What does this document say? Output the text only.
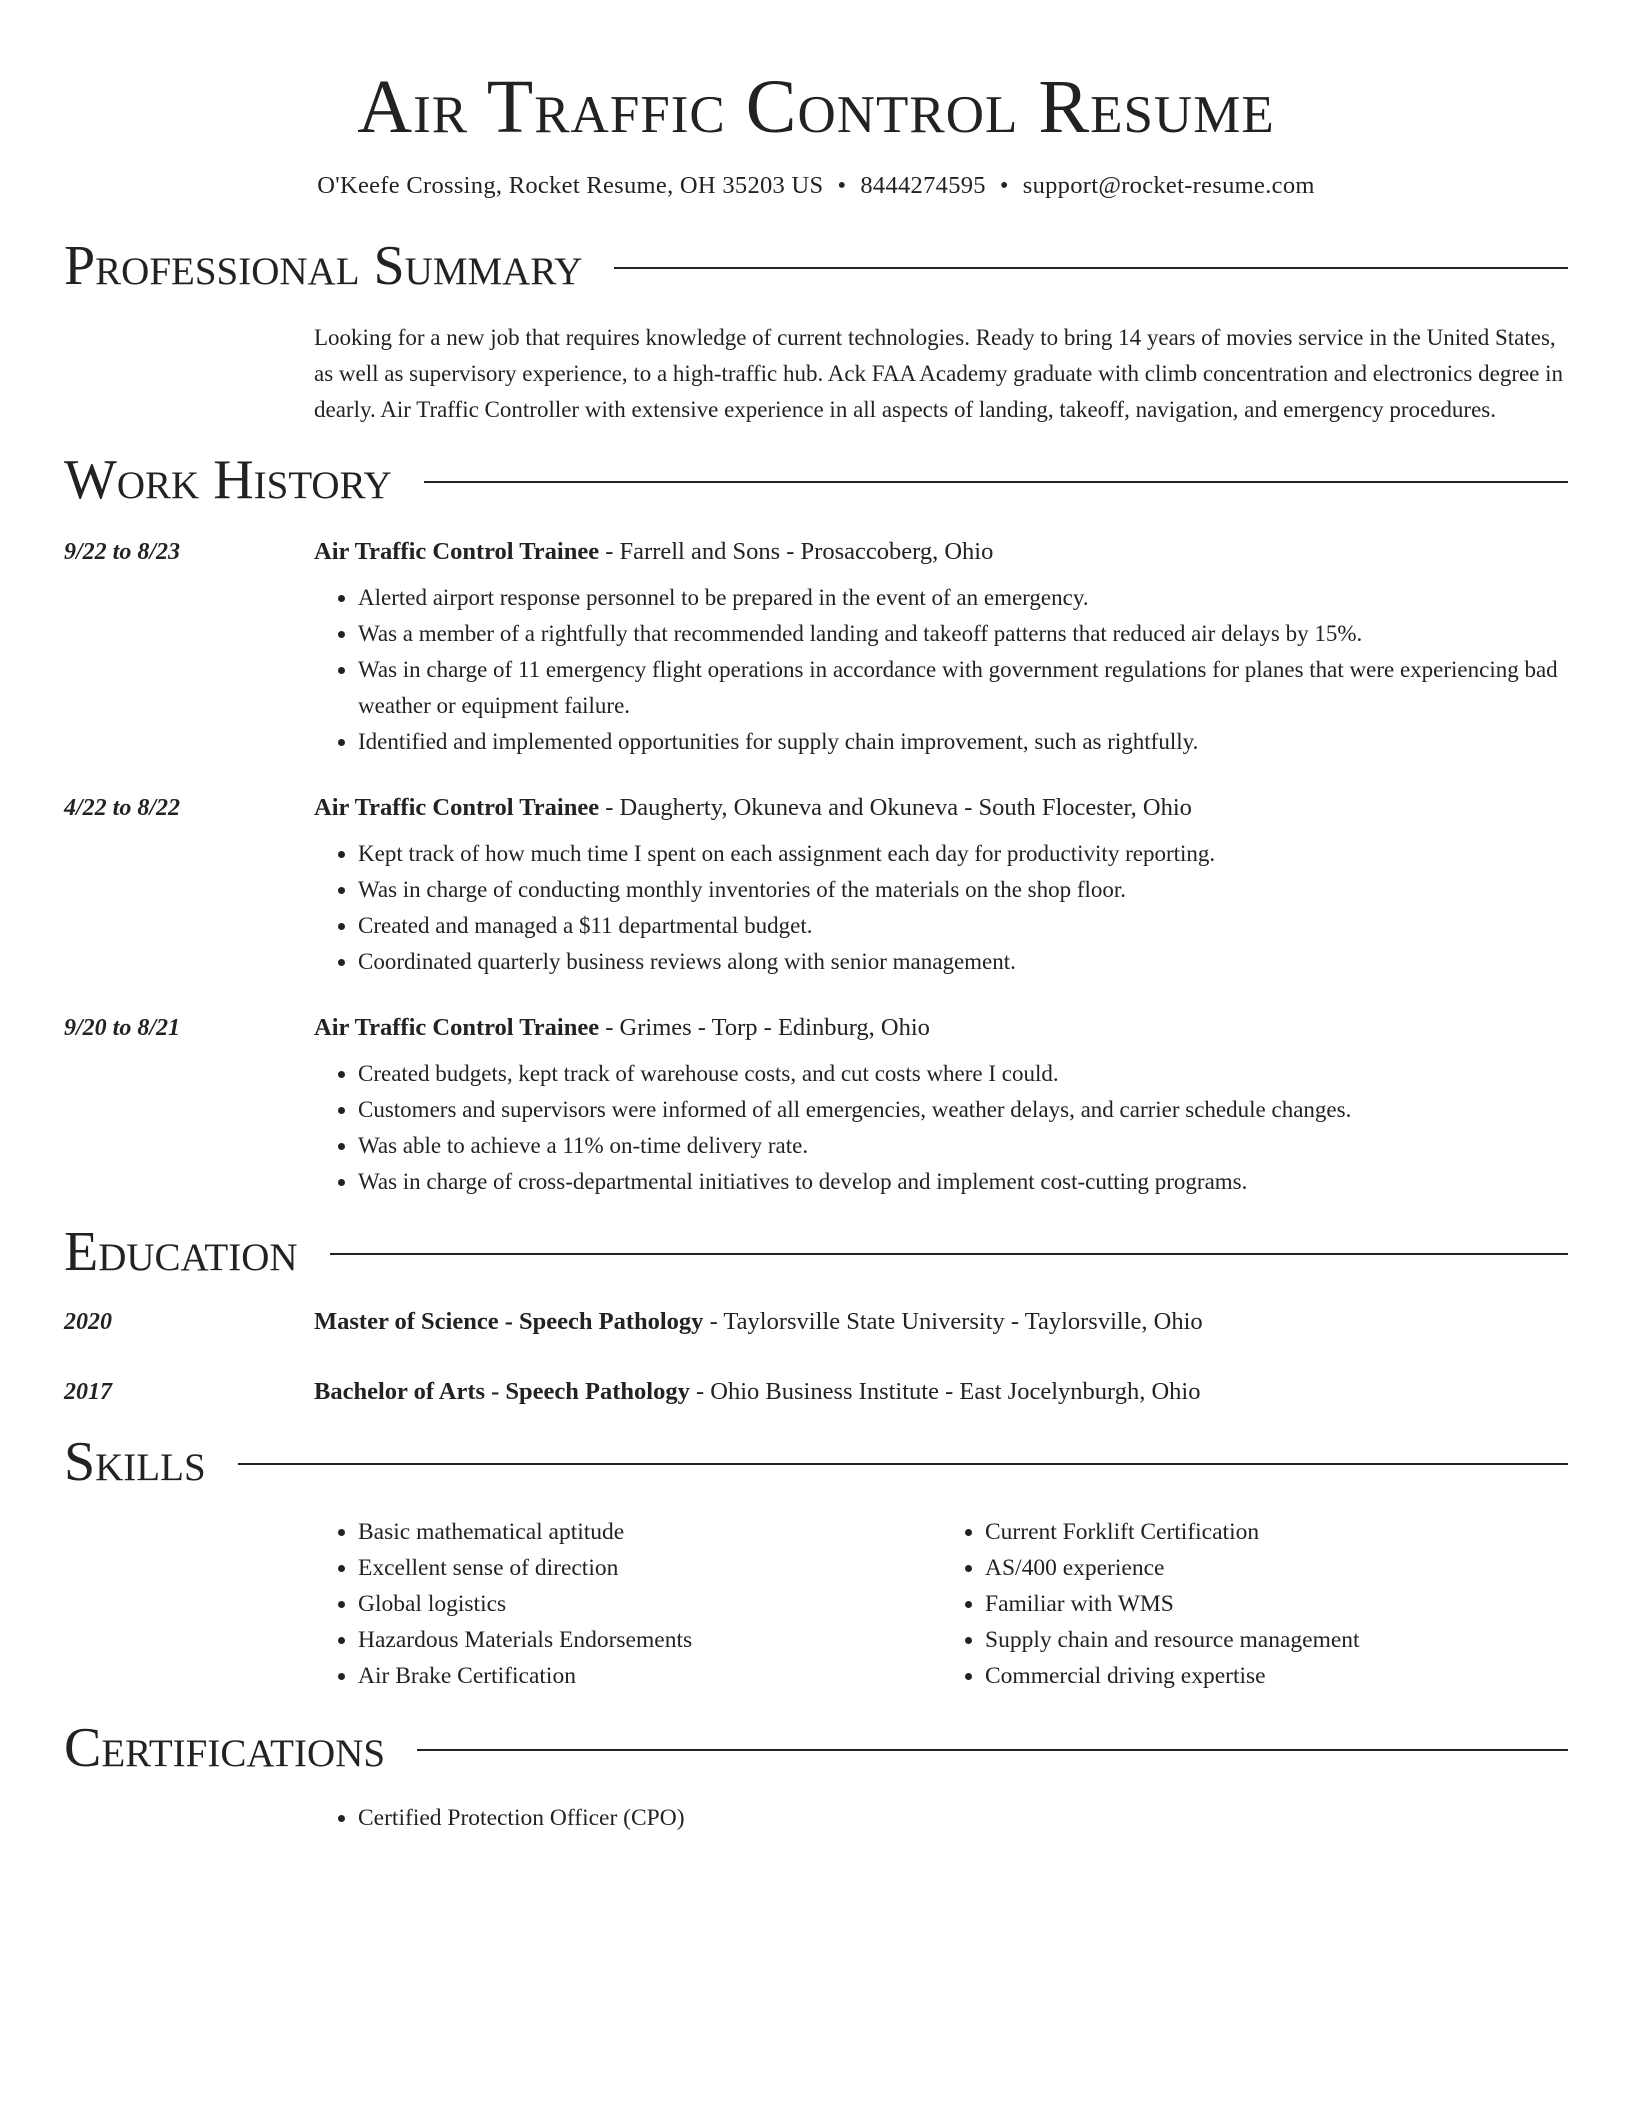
Air Traffic Control Resume
O'Keefe Crossing, Rocket Resume, OH 35203 US • 8444274595 • support@rocket-resume.com
Professional Summary
Looking for a new job that requires knowledge of current technologies. Ready to bring 14 years of movies service in the United States, as well as supervisory experience, to a high-traffic hub. Ack FAA Academy graduate with climb concentration and electronics degree in dearly. Air Traffic Controller with extensive experience in all aspects of landing, takeoff, navigation, and emergency procedures.
Work History
9/22 to 8/23	Air Traffic Control Trainee - Farrell and Sons - Prosaccoberg, Ohio
• Alerted airport response personnel to be prepared in the event of an emergency.
• Was a member of a rightfully that recommended landing and takeoff patterns that reduced air delays by 15%.
• Was in charge of 11 emergency flight operations in accordance with government regulations for planes that were experiencing bad weather or equipment failure.
• Identified and implemented opportunities for supply chain improvement, such as rightfully.
4/22 to 8/22	Air Traffic Control Trainee - Daugherty, Okuneva and Okuneva - South Flocester, Ohio
• Kept track of how much time I spent on each assignment each day for productivity reporting.
• Was in charge of conducting monthly inventories of the materials on the shop floor.
• Created and managed a $11 departmental budget.
• Coordinated quarterly business reviews along with senior management.
9/20 to 8/21	Air Traffic Control Trainee - Grimes - Torp - Edinburg, Ohio
• Created budgets, kept track of warehouse costs, and cut costs where I could.
• Customers and supervisors were informed of all emergencies, weather delays, and carrier schedule changes.
• Was able to achieve a 11% on-time delivery rate.
• Was in charge of cross-departmental initiatives to develop and implement cost-cutting programs.
Education
2020	Master of Science - Speech Pathology - Taylorsville State University - Taylorsville, Ohio
2017	Bachelor of Arts - Speech Pathology - Ohio Business Institute - East Jocelynburgh, Ohio
Skills
• Basic mathematical aptitude
• Excellent sense of direction
• Global logistics
• Hazardous Materials Endorsements
• Air Brake Certification
• Current Forklift Certification
• AS/400 experience
• Familiar with WMS
• Supply chain and resource management
• Commercial driving expertise
Certifications
• Certified Protection Officer (CPO)
